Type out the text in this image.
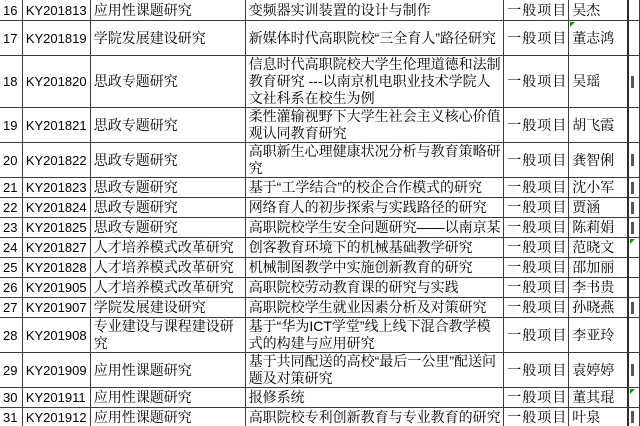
16	KY201813	应用性课题研究	变频器实训装置的设计与制作	一般项目	吴杰	
17	KY201819	学院发展建设研究	新媒体时代高职院校“三全育人”路径研究	一般项目	董志鸿	
18	KY201820	思政专题研究	信息时代高职院校大学生伦理道德和法制教育研究 ---以南京机电职业技术学院人文社科系在校生为例	一般项目	吴瑶	

19	KY201821	思政专题研究	柔性灌输视野下大学生社会主义核心价值观认同教育研究	一般项目	胡飞霞	
20	KY201822	思政专题研究	高职新生心理健康状况分析与教育策略研究	一般项目	龚智俐	

21	KY201823	思政专题研究	基于“工学结合”的校企合作模式的研究	一般项目	沈小军	

22	KY201824	思政专题研究	网络育人的初步探索与实践路径的研究	一般项目	贾涵	

23	KY201825	思政专题研究	高职院校学生安全问题研究——以南京某	一般项目	陈莉娟	

24	KY201827	人才培养模式改革研究	创客教育环境下的机械基础教学研究	一般项目	范晓文	

25	KY201828	人才培养模式改革研究	机械制图教学中实施创新教育的研究	一般项目	邵加丽	
26	KY201905	人才培养模式改革研究	高职院校劳动教育课的研究与实践	一般项目	李书贵	
27	KY201907	学院发展建设研究	高职院校学生就业因素分析及对策研究	一般项目	孙晓燕	

28	KY201908	专业建设与课程建设研究	基于“华为ICT学堂”线上线下混合教学模式的构建与应用研究	一般项目	李亚玲	
29	KY201909	应用性课题研究	基于共同配送的高校“最后一公里”配送问题及对策研究	一般项目	袁婷婷	

30	KY201911	应用性课题研究	报修系统	一般项目	董其琨	

31	KY201912	应用性课题研究	高职院校专利创新教育与专业教育的研究	一般项目	叶泉	
